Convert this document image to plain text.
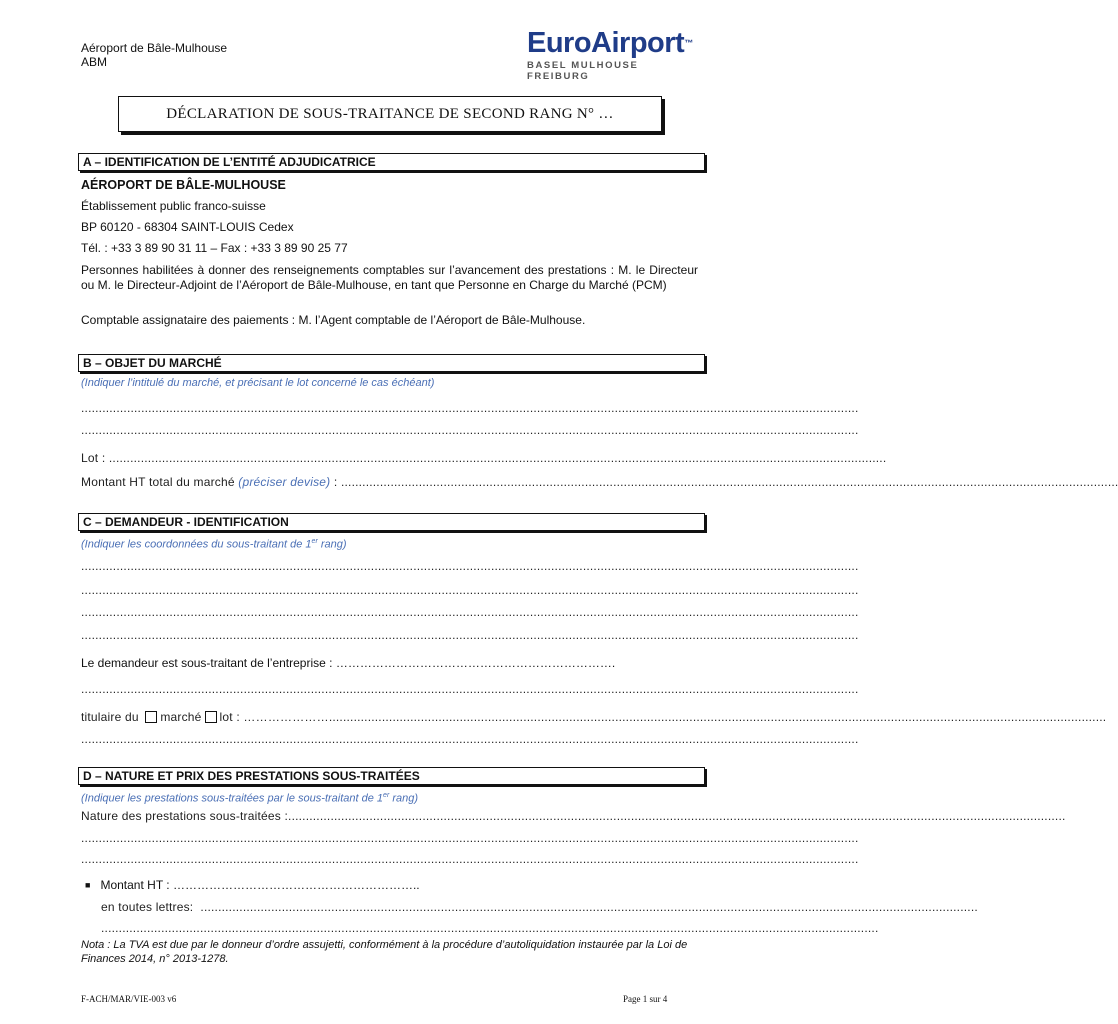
Aéroport de Bâle-Mulhouse
ABM
EuroAirport™
BASEL MULHOUSE FREIBURG
DÉCLARATION DE SOUS-TRAITANCE DE SECOND RANG N° …
A – IDENTIFICATION DE L’ENTITÉ ADJUDICATRICE
AÉROPORT DE BÂLE-MULHOUSE
Établissement public franco-suisse
BP 60120 - 68304 SAINT-LOUIS Cedex
Tél. : +33 3 89 90 31 11 – Fax : +33 3 89 90 25 77
Personnes habilitées à donner des renseignements comptables sur l’avancement des prestations : M. le Directeur ou M. le Directeur-Adjoint de l’Aéroport de Bâle-Mulhouse, en tant que Personne en Charge du Marché (PCM)
Comptable assignataire des paiements : M. l’Agent comptable de l’Aéroport de Bâle-Mulhouse.
B – OBJET DU MARCHÉ
(Indiquer l’intitulé du marché, et précisant le lot concerné le cas échéant)
............................................................................................................................................................................................................................
............................................................................................................................................................................................................................
Lot : ............................................................................................................................................................................................................................
Montant HT total du marché (préciser devise) : ............................................................................................................................................................................................................................
C – DEMANDEUR - IDENTIFICATION
(Indiquer les coordonnées du sous-traitant de 1er rang)
............................................................................................................................................................................................................................
............................................................................................................................................................................................................................
............................................................................................................................................................................................................................
............................................................................................................................................................................................................................
Le demandeur est sous-traitant de l’entreprise : …………………………………………………………….
............................................................................................................................................................................................................................
titulaire du marché lot : …………………............................................................................................................................................................................................................................
............................................................................................................................................................................................................................
D – NATURE ET PRIX DES PRESTATIONS SOUS-TRAITÉES
(Indiquer les prestations sous-traitées par le sous-traitant de 1er rang)
Nature des prestations sous-traitées :............................................................................................................................................................................................................................
............................................................................................................................................................................................................................
............................................................................................................................................................................................................................
■ Montant HT : ……………………………………………………..
en toutes lettres: ............................................................................................................................................................................................................................
............................................................................................................................................................................................................................
Nota : La TVA est due par le donneur d’ordre assujetti, conformément à la procédure d’autoliquidation instaurée par la Loi de Finances 2014, n° 2013-1278.
F-ACH/MAR/VIE-003 v6	Page 1 sur 4
